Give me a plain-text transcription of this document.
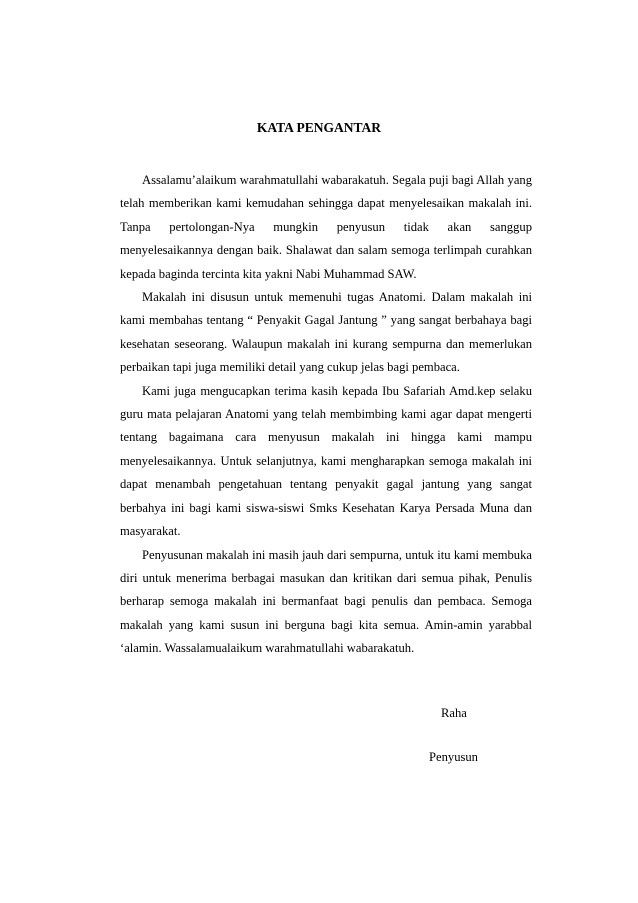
KATA PENGANTAR

Assalamu’alaikum warahmatullahi wabarakatuh. Segala puji bagi Allah yang telah memberikan kami kemudahan sehingga dapat menyelesaikan makalah ini. Tanpa pertolongan-Nya mungkin penyusun tidak akan sanggup menyelesaikannya dengan baik. Shalawat dan salam semoga terlimpah curahkan kepada baginda tercinta kita yakni Nabi Muhammad SAW.

Makalah ini disusun untuk memenuhi tugas Anatomi. Dalam makalah ini kami membahas tentang “ Penyakit Gagal Jantung ” yang sangat berbahaya bagi kesehatan seseorang. Walaupun makalah ini kurang sempurna dan memerlukan perbaikan tapi juga memiliki detail yang cukup jelas bagi pembaca.

Kami juga mengucapkan terima kasih kepada Ibu Safariah Amd.kep selaku guru mata pelajaran Anatomi yang telah membimbing kami agar dapat mengerti tentang bagaimana cara menyusun makalah ini hingga kami mampu menyelesaikannya. Untuk selanjutnya, kami mengharapkan semoga makalah ini dapat menambah pengetahuan tentang penyakit gagal jantung yang sangat berbahya ini bagi kami siswa-siswi Smks Kesehatan Karya Persada Muna dan masyarakat.

Penyusunan makalah ini masih jauh dari sempurna, untuk itu kami membuka diri untuk menerima berbagai masukan dan kritikan dari semua pihak, Penulis berharap semoga makalah ini bermanfaat bagi penulis dan pembaca. Semoga makalah yang kami susun ini berguna bagi kita semua. Amin-amin yarabbal ‘alamin. Wassalamualaikum warahmatullahi wabarakatuh.

Raha
Penyusun
